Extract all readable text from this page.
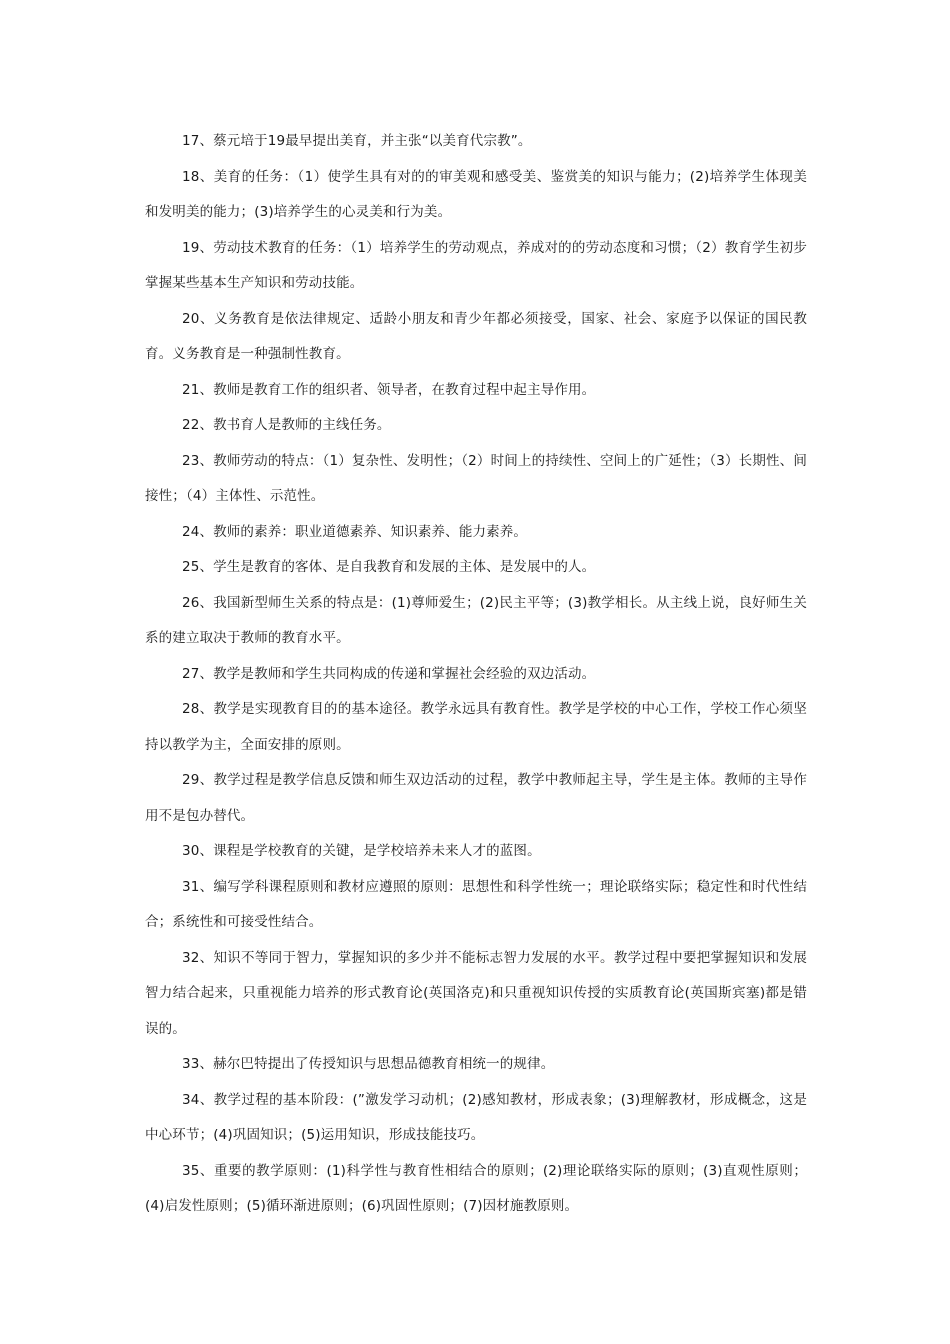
17、蔡元培于19最早提出美育，并主张“以美育代宗教”。

18、美育的任务：（1）使学生具有对的的审美观和感受美、鉴赏美的知识与能力；(2)培养学生体现美和发明美的能力；(3)培养学生的心灵美和行为美。

19、劳动技术教育的任务：（1）培养学生的劳动观点，养成对的的劳动态度和习惯；（2）教育学生初步掌握某些基本生产知识和劳动技能。

20、义务教育是依法律规定、适龄小朋友和青少年都必须接受，国家、社会、家庭予以保证的国民教育。义务教育是一种强制性教育。

21、教师是教育工作的组织者、领导者，在教育过程中起主导作用。

22、教书育人是教师的主线任务。

23、教师劳动的特点：（1）复杂性、发明性；（2）时间上的持续性、空间上的广延性；（3）长期性、间接性；（4）主体性、示范性。

24、教师的素养：职业道德素养、知识素养、能力素养。

25、学生是教育的客体、是自我教育和发展的主体、是发展中的人。

26、我国新型师生关系的特点是：(1)尊师爱生；(2)民主平等；(3)教学相长。从主线上说，良好师生关系的建立取决于教师的教育水平。

27、教学是教师和学生共同构成的传递和掌握社会经验的双边活动。

28、教学是实现教育目的的基本途径。教学永远具有教育性。教学是学校的中心工作，学校工作心须坚持以教学为主，全面安排的原则。

29、教学过程是教学信息反馈和师生双边活动的过程，教学中教师起主导，学生是主体。教师的主导作用不是包办替代。

30、课程是学校教育的关键，是学校培养未来人才的蓝图。

31、编写学科课程原则和教材应遵照的原则：思想性和科学性统一；理论联络实际；稳定性和时代性结合；系统性和可接受性结合。

32、知识不等同于智力，掌握知识的多少并不能标志智力发展的水平。教学过程中要把掌握知识和发展智力结合起来，只重视能力培养的形式教育论(英国洛克)和只重视知识传授的实质教育论(英国斯宾塞)都是错误的。

33、赫尔巴特提出了传授知识与思想品德教育相统一的规律。

34、教学过程的基本阶段：(”激发学习动机；(2)感知教材，形成表象；(3)理解教材，形成概念，这是中心环节；(4)巩固知识；(5)运用知识，形成技能技巧。

35、重要的教学原则：(1)科学性与教育性相结合的原则；(2)理论联络实际的原则；(3)直观性原则；(4)启发性原则；(5)循环渐进原则；(6)巩固性原则；(7)因材施教原则。
